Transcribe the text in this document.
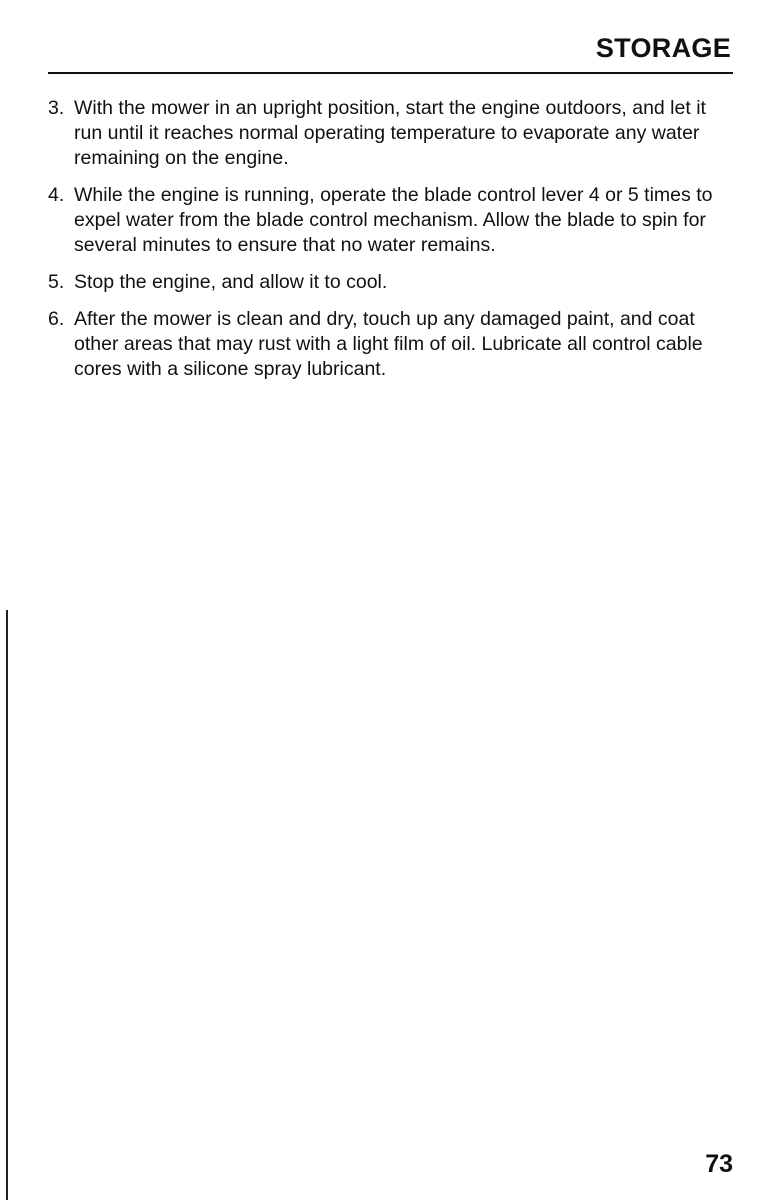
STORAGE
3. With the mower in an upright position, start the engine outdoors, and let it run until it reaches normal operating temperature to evaporate any water remaining on the engine.
4. While the engine is running, operate the blade control lever 4 or 5 times to expel water from the blade control mechanism. Allow the blade to spin for several minutes to ensure that no water remains.
5. Stop the engine, and allow it to cool.
6. After the mower is clean and dry, touch up any damaged paint, and coat other areas that may rust with a light film of oil. Lubricate all control cable cores with a silicone spray lubricant.
73
